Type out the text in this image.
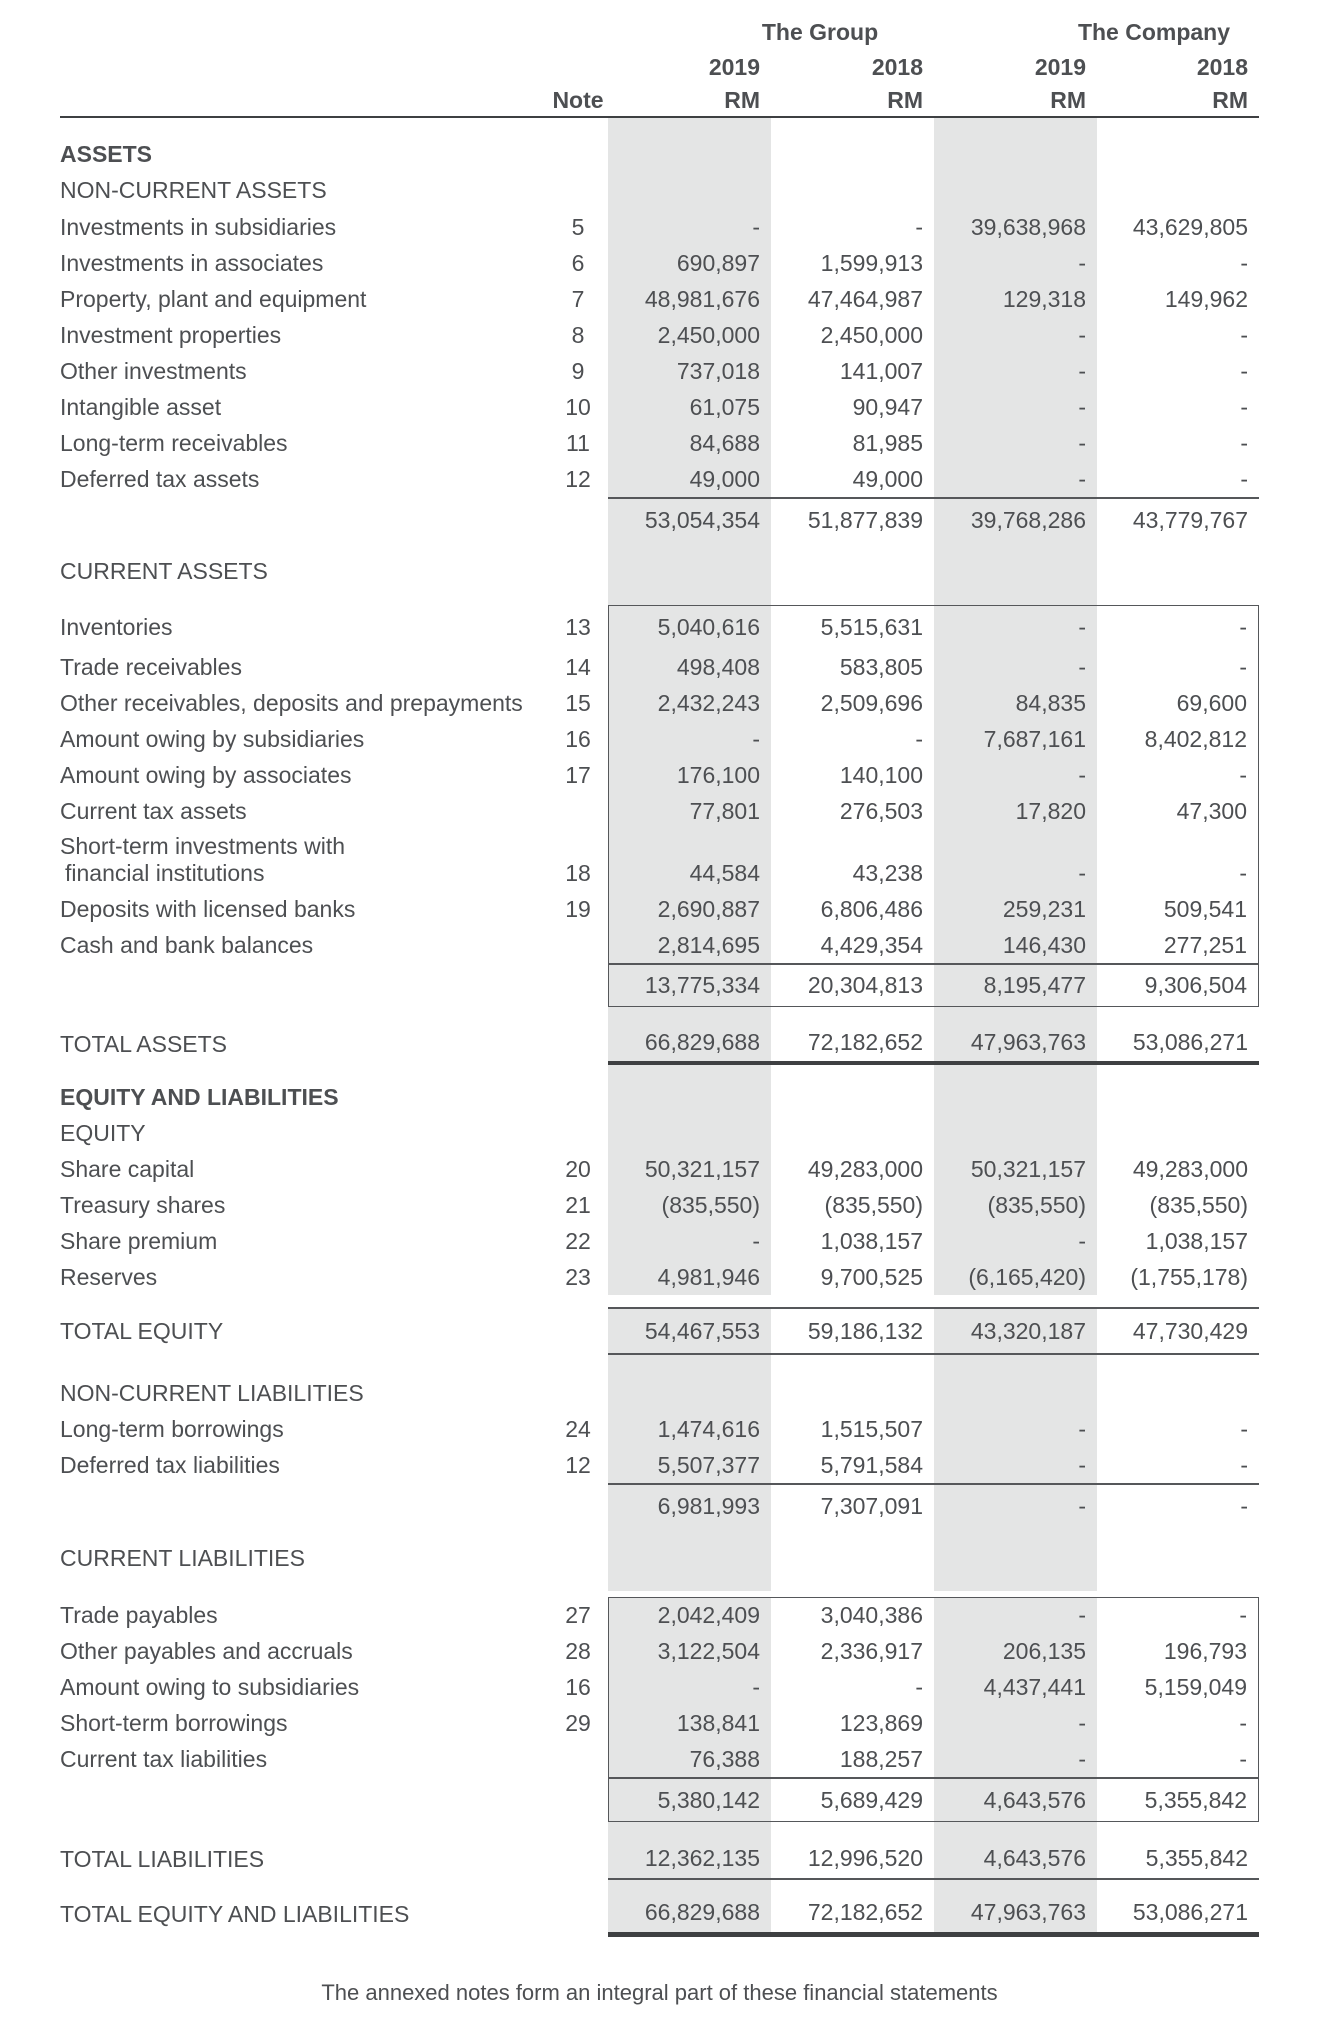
The Group	The Company
2019	2018	2019	2018
Note	RM	RM	RM	RM
ASSETS
NON-CURRENT ASSETS
Investments in subsidiaries	5	-	-	39,638,968	43,629,805
Investments in associates	6	690,897	1,599,913	-	-
Property, plant and equipment	7	48,981,676	47,464,987	129,318	149,962
Investment properties	8	2,450,000	2,450,000	-	-
Other investments	9	737,018	141,007	-	-
Intangible asset	10	61,075	90,947	-	-
Long-term receivables	11	84,688	81,985	-	-
Deferred tax assets	12	49,000	49,000	-	-
53,054,354	51,877,839	39,768,286	43,779,767
CURRENT ASSETS
Inventories	13	5,040,616	5,515,631	-	-
Trade receivables	14	498,408	583,805	-	-
Other receivables, deposits and prepayments	15	2,432,243	2,509,696	84,835	69,600
Amount owing by subsidiaries	16	-	-	7,687,161	8,402,812
Amount owing by associates	17	176,100	140,100	-	-
Current tax assets	77,801	276,503	17,820	47,300
Short-term investments with
financial institutions	18	44,584	43,238	-	-
Deposits with licensed banks	19	2,690,887	6,806,486	259,231	509,541
Cash and bank balances	2,814,695	4,429,354	146,430	277,251
13,775,334	20,304,813	8,195,477	9,306,504
TOTAL ASSETS	66,829,688	72,182,652	47,963,763	53,086,271
EQUITY AND LIABILITIES
EQUITY
Share capital	20	50,321,157	49,283,000	50,321,157	49,283,000
Treasury shares	21	(835,550)	(835,550)	(835,550)	(835,550)
Share premium	22	-	1,038,157	-	1,038,157
Reserves	23	4,981,946	9,700,525	(6,165,420)	(1,755,178)
TOTAL EQUITY	54,467,553	59,186,132	43,320,187	47,730,429
NON-CURRENT LIABILITIES
Long-term borrowings	24	1,474,616	1,515,507	-	-
Deferred tax liabilities	12	5,507,377	5,791,584	-	-
6,981,993	7,307,091	-	-
CURRENT LIABILITIES
Trade payables	27	2,042,409	3,040,386	-	-
Other payables and accruals	28	3,122,504	2,336,917	206,135	196,793
Amount owing to subsidiaries	16	-	-	4,437,441	5,159,049
Short-term borrowings	29	138,841	123,869	-	-
Current tax liabilities	76,388	188,257	-	-
5,380,142	5,689,429	4,643,576	5,355,842
TOTAL LIABILITIES	12,362,135	12,996,520	4,643,576	5,355,842
TOTAL EQUITY AND LIABILITIES	66,829,688	72,182,652	47,963,763	53,086,271
The annexed notes form an integral part of these financial statements
